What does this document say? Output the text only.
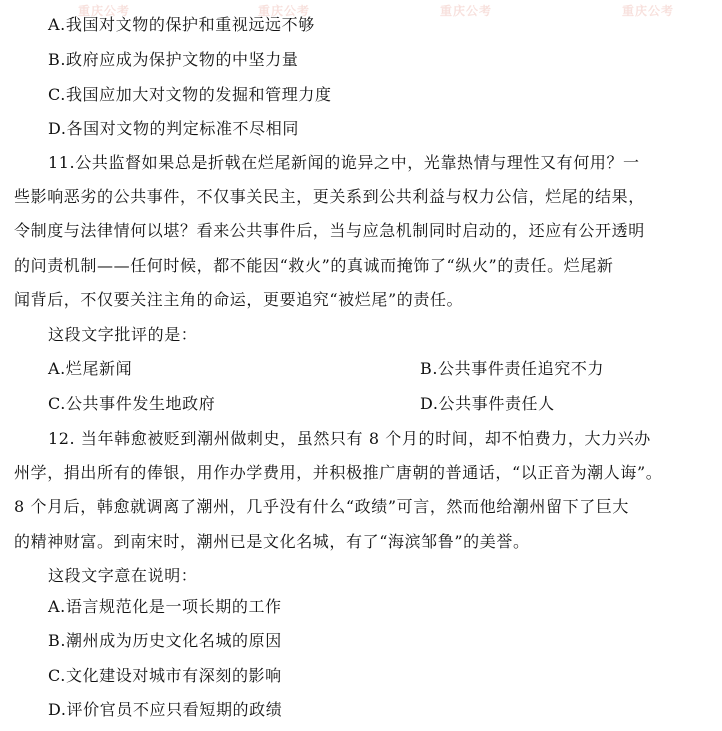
重庆公考	重庆公考	重庆公考
重庆公考
A.我国对文物的保护和重视远远不够
B.政府应成为保护文物的中坚力量
C.我国应加大对文物的发掘和管理力度
D.各国对文物的判定标准不尽相同
11.公共监督如果总是折戟在烂尾新闻的诡异之中，光靠热情与理性又有何用？一
些影响恶劣的公共事件，不仅事关民主，更关系到公共利益与权力公信，烂尾的结果，
令制度与法律情何以堪？看来公共事件后，当与应急机制同时启动的，还应有公开透明
的问责机制——任何时候，都不能因“救火”的真诚而掩饰了“纵火”的责任。烂尾新
闻背后，不仅要关注主角的命运，更要追究“被烂尾”的责任。
这段文字批评的是：
A.烂尾新闻	B.公共事件责任追究不力
C.公共事件发生地政府	D.公共事件责任人
12. 当年韩愈被贬到潮州做刺史，虽然只有 8 个月的时间，却不怕费力，大力兴办
州学，捐出所有的俸银，用作办学费用，并积极推广唐朝的普通话，“以正音为潮人诲”。
8 个月后，韩愈就调离了潮州，几乎没有什么“政绩”可言，然而他给潮州留下了巨大
的精神财富。到南宋时，潮州已是文化名城，有了“海滨邹鲁”的美誉。
这段文字意在说明：
A.语言规范化是一项长期的工作
B.潮州成为历史文化名城的原因
C.文化建设对城市有深刻的影响
D.评价官员不应只看短期的政绩
